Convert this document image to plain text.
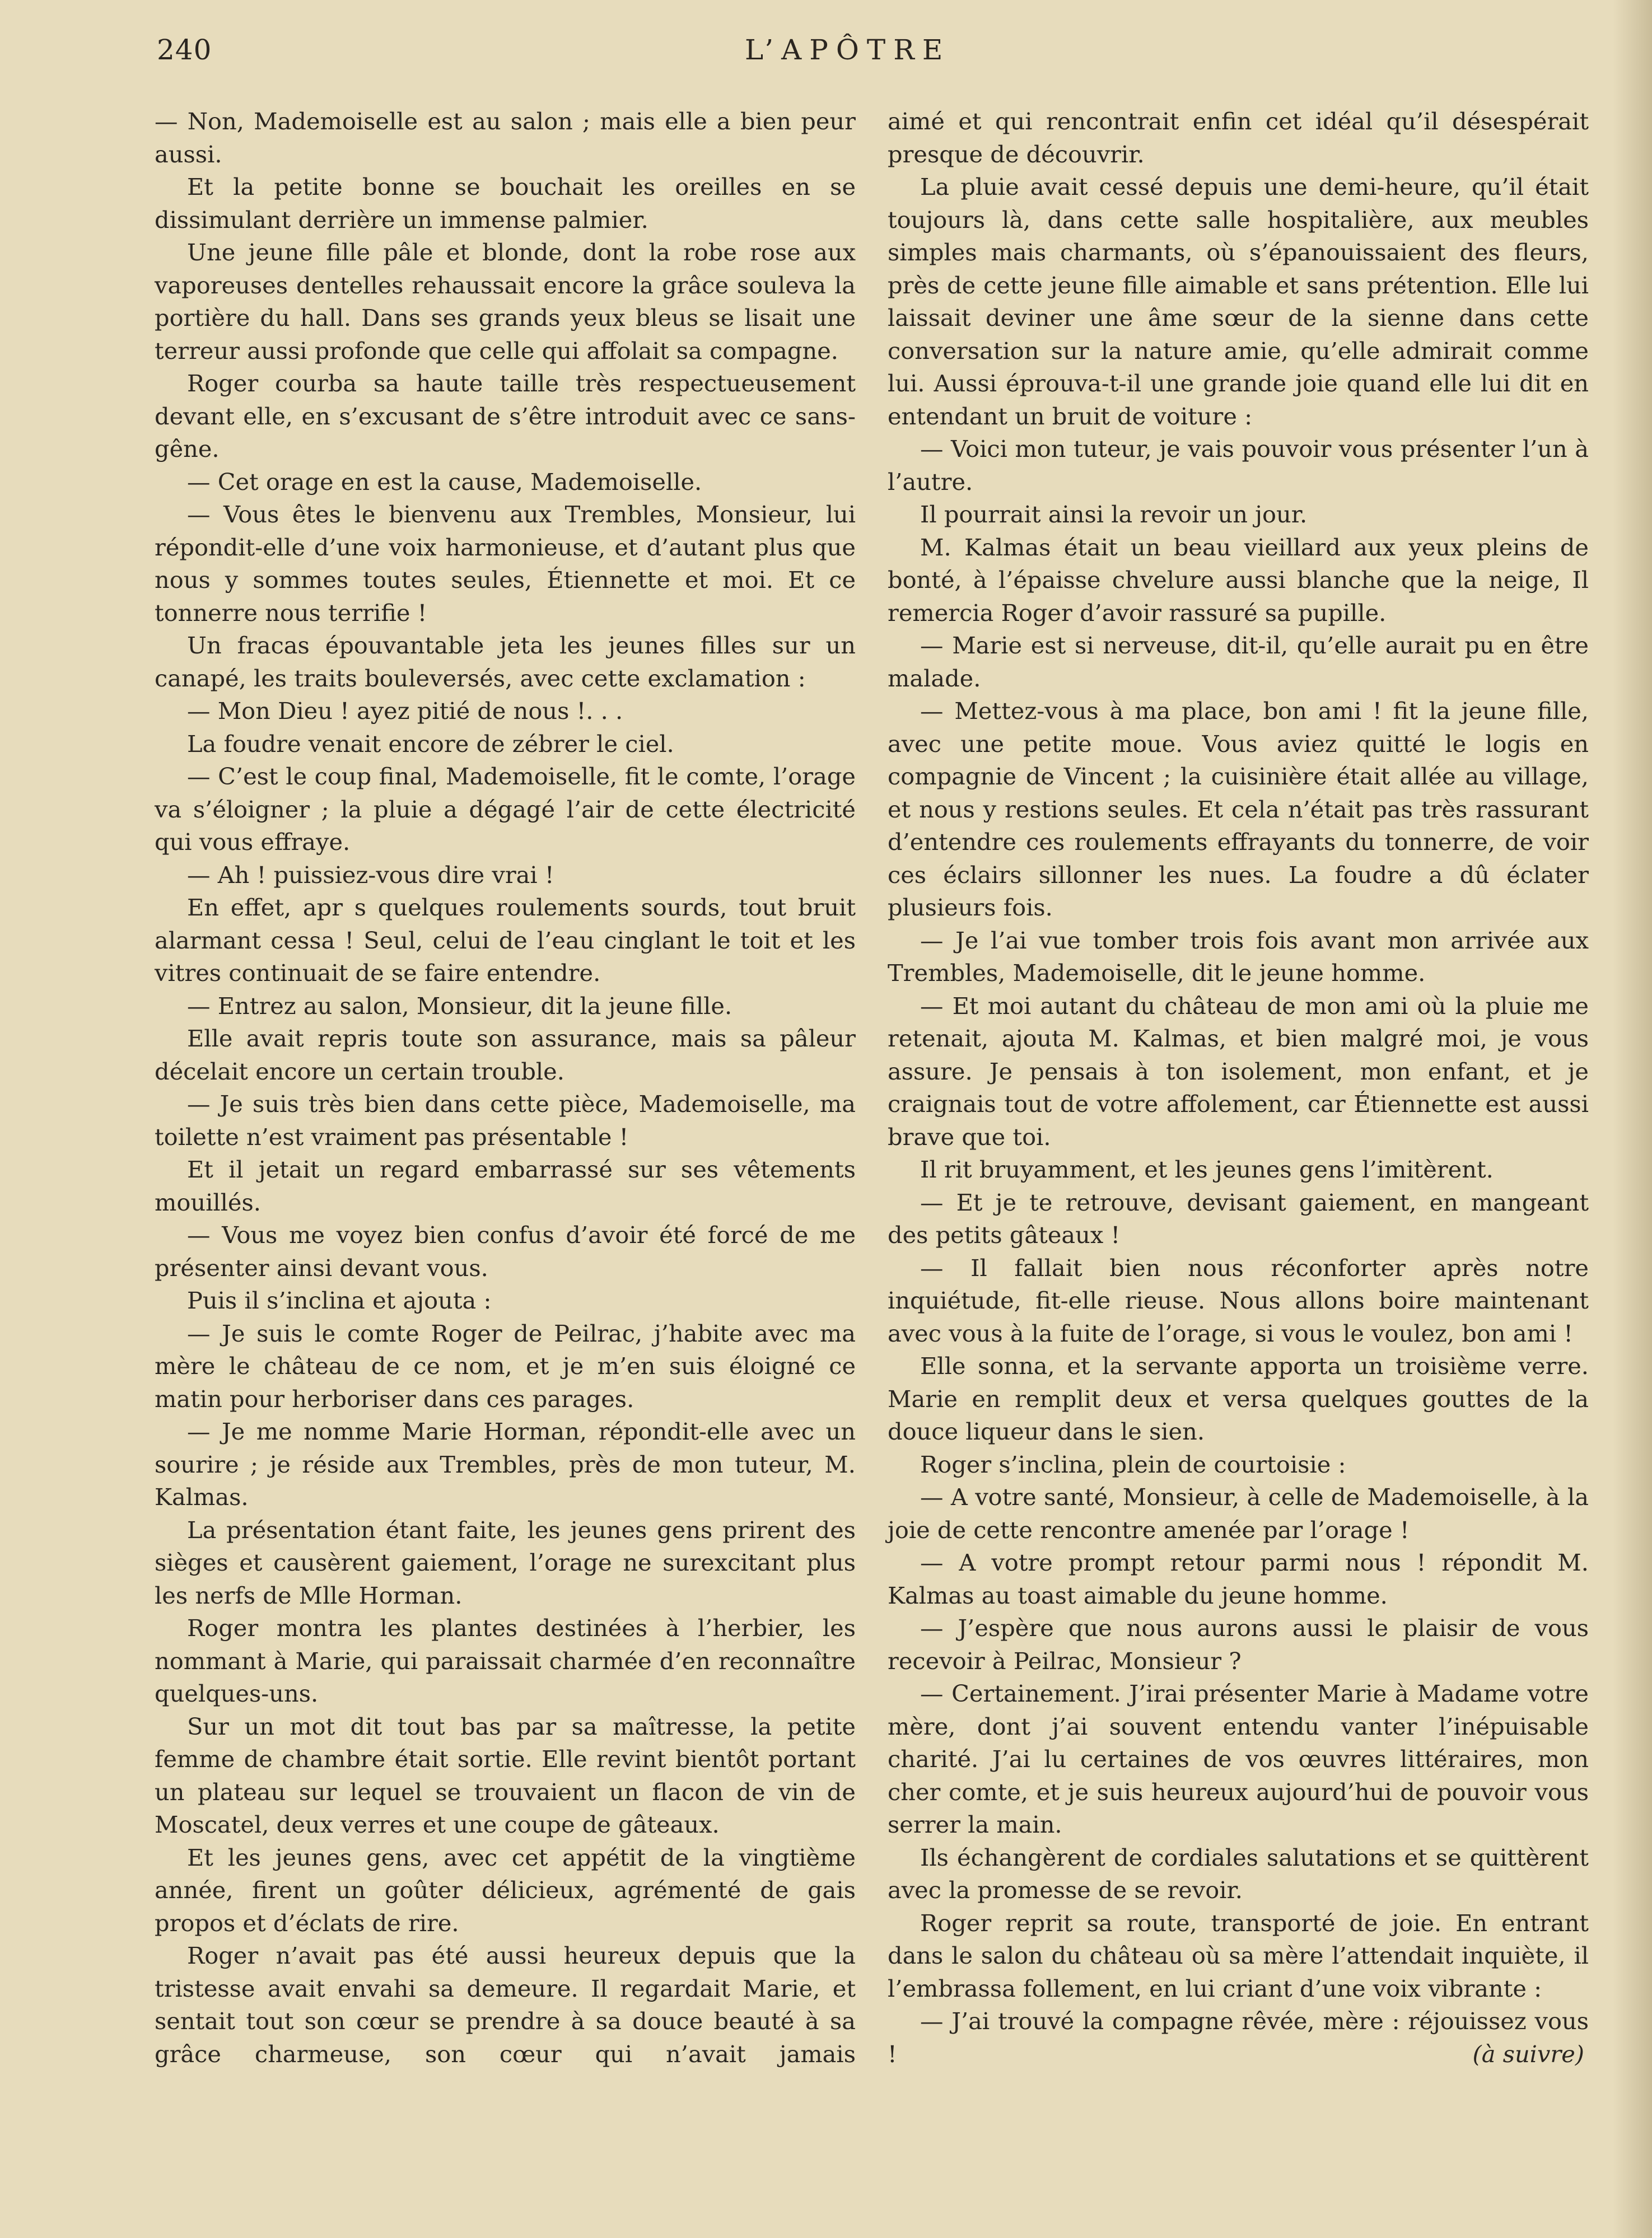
240	L’APÔTRE

— Non, Mademoiselle est au salon ; mais elle a bien peur aussi.

Et la petite bonne se bouchait les oreilles en se dissimulant derrière un immense palmier.

Une jeune fille pâle et blonde, dont la robe rose aux vaporeuses dentelles rehaussait encore la grâce souleva la portière du hall. Dans ses grands yeux bleus se lisait une terreur aussi profonde que celle qui affolait sa compagne.

Roger courba sa haute taille très respectueusement devant elle, en s’excusant de s’être introduit avec ce sans-gêne.

— Cet orage en est la cause, Mademoiselle.

— Vous êtes le bienvenu aux Trembles, Monsieur, lui répondit-elle d’une voix harmonieuse, et d’autant plus que nous y sommes toutes seules, Étiennette et moi. Et ce tonnerre nous terrifie !

Un fracas épouvantable jeta les jeunes filles sur un canapé, les traits bouleversés, avec cette exclamation :

— Mon Dieu ! ayez pitié de nous !. . .

La foudre venait encore de zébrer le ciel.

— C’est le coup final, Mademoiselle, fit le comte, l’orage va s’éloigner ; la pluie a dégagé l’air de cette électricité qui vous effraye.

— Ah ! puissiez-vous dire vrai !

En effet, apr s quelques roulements sourds, tout bruit alarmant cessa ! Seul, celui de l’eau cinglant le toit et les vitres continuait de se faire entendre.

— Entrez au salon, Monsieur, dit la jeune fille.

Elle avait repris toute son assurance, mais sa pâleur décelait encore un certain trouble.

— Je suis très bien dans cette pièce, Mademoiselle, ma toilette n’est vraiment pas présentable !

Et il jetait un regard embarrassé sur ses vêtements mouillés.

— Vous me voyez bien confus d’avoir été forcé de me présenter ainsi devant vous.

Puis il s’inclina et ajouta :

— Je suis le comte Roger de Peilrac, j’habite avec ma mère le château de ce nom, et je m’en suis éloigné ce matin pour herboriser dans ces parages.

— Je me nomme Marie Horman, répondit-elle avec un sourire ; je réside aux Trembles, près de mon tuteur, M. Kalmas.

La présentation étant faite, les jeunes gens prirent des sièges et causèrent gaiement, l’orage ne surexcitant plus les nerfs de Mlle Horman.

Roger montra les plantes destinées à l’herbier, les nommant à Marie, qui paraissait charmée d’en reconnaître quelques-uns.

Sur un mot dit tout bas par sa maîtresse, la petite femme de chambre était sortie. Elle revint bientôt portant un plateau sur lequel se trouvaient un flacon de vin de Moscatel, deux verres et une coupe de gâteaux.

Et les jeunes gens, avec cet appétit de la vingtième année, firent un goûter délicieux, agrémenté de gais propos et d’éclats de rire.

Roger n’avait pas été aussi heureux depuis que la tristesse avait envahi sa demeure. Il regardait Marie, et sentait tout son cœur se prendre à sa douce beauté à sa grâce charmeuse, son cœur qui n’avait jamais

aimé et qui rencontrait enfin cet idéal qu’il désespérait presque de découvrir.

La pluie avait cessé depuis une demi-heure, qu’il était toujours là, dans cette salle hospitalière, aux meubles simples mais charmants, où s’épanouissaient des fleurs, près de cette jeune fille aimable et sans prétention. Elle lui laissait deviner une âme sœur de la sienne dans cette conversation sur la nature amie, qu’elle admirait comme lui. Aussi éprouva-t-il une grande joie quand elle lui dit en entendant un bruit de voiture :

— Voici mon tuteur, je vais pouvoir vous présenter l’un à l’autre.

Il pourrait ainsi la revoir un jour.

M. Kalmas était un beau vieillard aux yeux pleins de bonté, à l’épaisse chvelure aussi blanche que la neige, Il remercia Roger d’avoir rassuré sa pupille.

— Marie est si nerveuse, dit-il, qu’elle aurait pu en être malade.

— Mettez-vous à ma place, bon ami ! fit la jeune fille, avec une petite moue. Vous aviez quitté le logis en compagnie de Vincent ; la cuisinière était allée au village, et nous y restions seules. Et cela n’était pas très rassurant d’entendre ces roulements effrayants du tonnerre, de voir ces éclairs sillonner les nues. La foudre a dû éclater plusieurs fois.

— Je l’ai vue tomber trois fois avant mon arrivée aux Trembles, Mademoiselle, dit le jeune homme.

— Et moi autant du château de mon ami où la pluie me retenait, ajouta M. Kalmas, et bien malgré moi, je vous assure. Je pensais à ton isolement, mon enfant, et je craignais tout de votre affolement, car Étiennette est aussi brave que toi.

Il rit bruyamment, et les jeunes gens l’imitèrent.

— Et je te retrouve, devisant gaiement, en mangeant des petits gâteaux !

— Il fallait bien nous réconforter après notre inquiétude, fit-elle rieuse. Nous allons boire maintenant avec vous à la fuite de l’orage, si vous le voulez, bon ami !

Elle sonna, et la servante apporta un troisième verre. Marie en remplit deux et versa quelques gouttes de la douce liqueur dans le sien.

Roger s’inclina, plein de courtoisie :

— A votre santé, Monsieur, à celle de Mademoiselle, à la joie de cette rencontre amenée par l’orage !

— A votre prompt retour parmi nous ! répondit M. Kalmas au toast aimable du jeune homme.

— J’espère que nous aurons aussi le plaisir de vous recevoir à Peilrac, Monsieur ?

— Certainement. J’irai présenter Marie à Madame votre mère, dont j’ai souvent entendu vanter l’inépuisable charité. J’ai lu certaines de vos œuvres littéraires, mon cher comte, et je suis heureux aujourd’hui de pouvoir vous serrer la main.

Ils échangèrent de cordiales salutations et se quittèrent avec la promesse de se revoir.

Roger reprit sa route, transporté de joie. En entrant dans le salon du château où sa mère l’attendait inquiète, il l’embrassa follement, en lui criant d’une voix vibrante :

— J’ai trouvé la compagne rêvée, mère : réjouissez vous !	(à suivre)
